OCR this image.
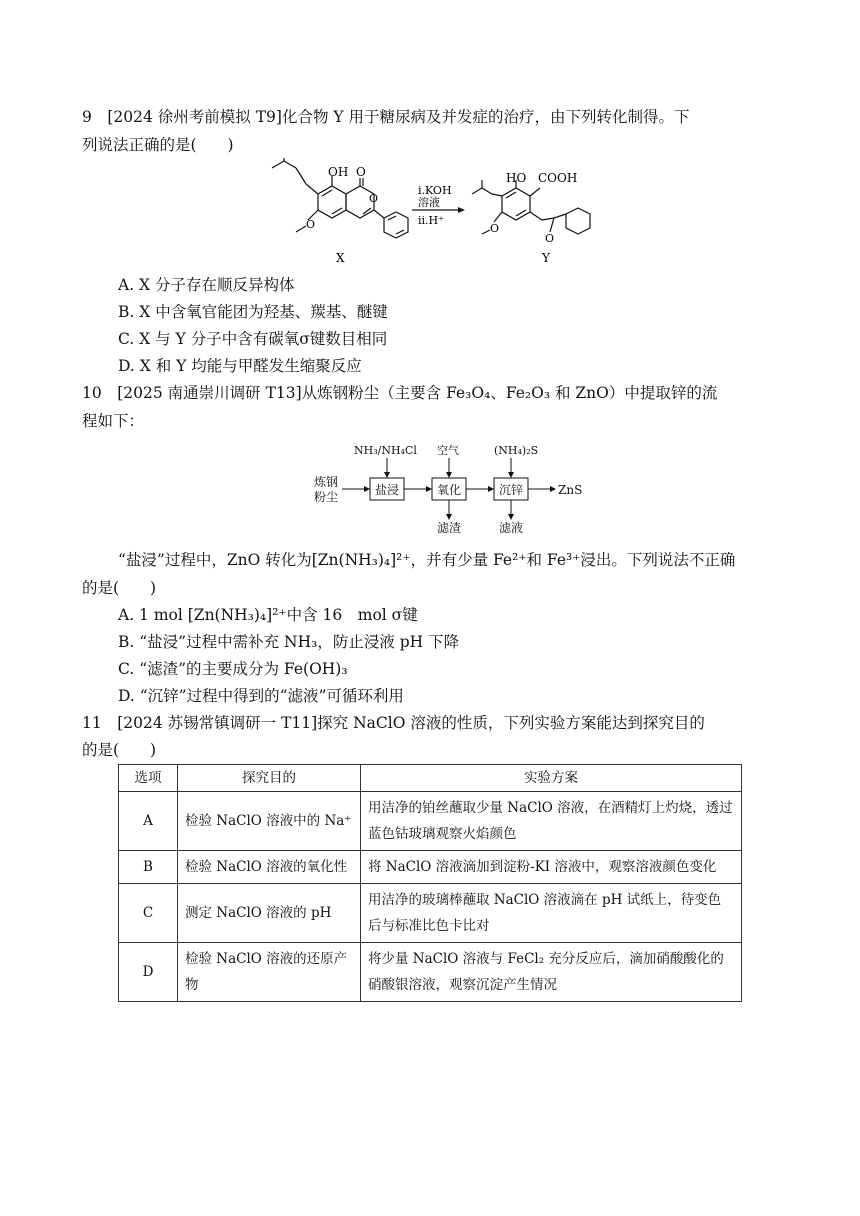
9　[2024 徐州考前模拟 T9]化合物 Y 用于糖尿病及并发症的治疗，由下列转化制得。下
列说法正确的是(　　)
OH O
O
O
X
ⅰ.KOH
溶液
ⅱ.H⁺
HO COOH
O
O
Y
A. X 分子存在顺反异构体
B. X 中含氧官能团为羟基、羰基、醚键
C. X 与 Y 分子中含有碳氧σ键数目相同
D. X 和 Y 均能与甲醛发生缩聚反应
10　[2025 南通崇川调研 T13]从炼钢粉尘（主要含 Fe₃O₄、Fe₂O₃ 和 ZnO）中提取锌的流
程如下：
炼钢
粉尘
NH₃/NH₄Cl 空气	(NH₄)₂S
盐浸	氧化	沉锌
滤渣	滤液
ZnS
“盐浸”过程中，ZnO 转化为[Zn(NH₃)₄]²⁺，并有少量 Fe²⁺和 Fe³⁺浸出。下列说法不正确
的是(　　)
A. 1 mol [Zn(NH₃)₄]²⁺中含 16　mol σ键
B. “盐浸”过程中需补充 NH₃，防止浸液 pH 下降
C. “滤渣”的主要成分为 Fe(OH)₃
D. “沉锌”过程中得到的“滤液”可循环利用
11　[2024 苏锡常镇调研一 T11]探究 NaClO 溶液的性质，下列实验方案能达到探究目的
的是(　　)
选项	探究目的	实验方案
A	检验 NaClO 溶液中的 Na⁺	用洁净的铂丝蘸取少量 NaClO 溶液，在酒精灯上灼烧，透过蓝色钴玻璃观察火焰颜色
B	检验 NaClO 溶液的氧化性	将 NaClO 溶液滴加到淀粉-KI 溶液中，观察溶液颜色变化
C	测定 NaClO 溶液的 pH	用洁净的玻璃棒蘸取 NaClO 溶液滴在 pH 试纸上，待变色后与标准比色卡比对
D	检验 NaClO 溶液的还原产物	将少量 NaClO 溶液与 FeCl₂ 充分反应后，滴加硝酸酸化的硝酸银溶液，观察沉淀产生情况
